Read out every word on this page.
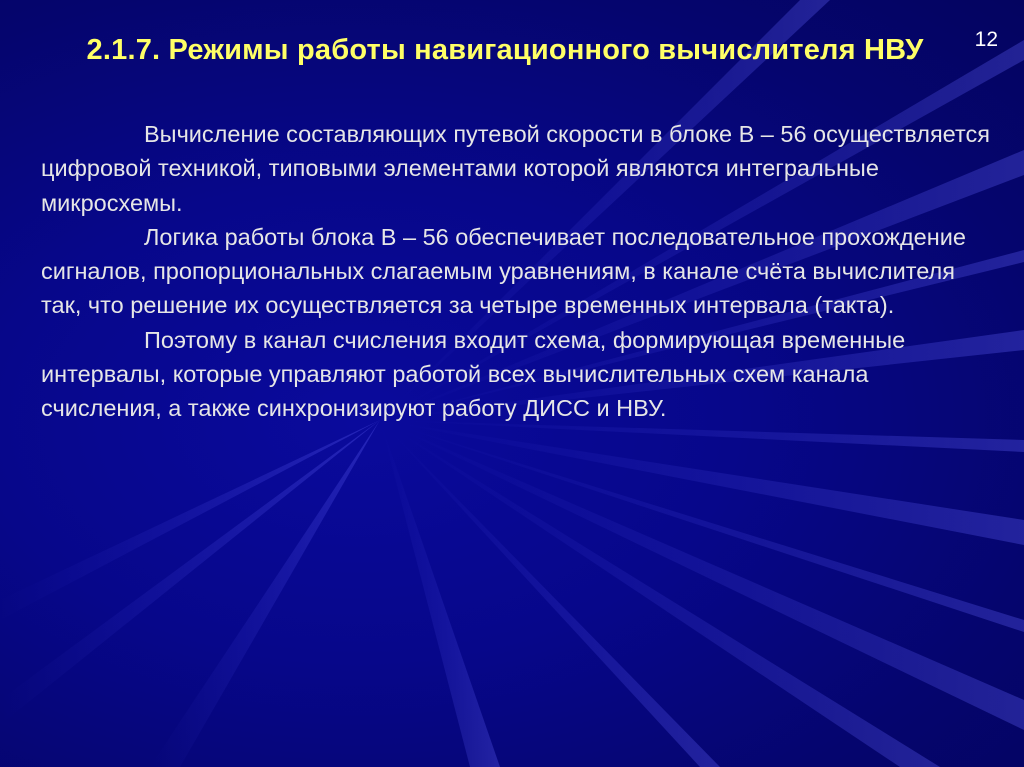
12
2.1.7. Режимы работы навигационного вычислителя НВУ

Вычисление составляющих путевой скорости в блоке В – 56 осуществляется цифровой техникой, типовыми элементами которой являются интегральные микросхемы.

Логика работы блока В – 56 обеспечивает последовательное прохождение сигналов, пропорциональных слагаемым уравнениям, в канале счёта вычислителя так, что решение их осуществляется за четыре временных интервала (такта).

Поэтому в канал счисления входит схема, формирующая временные интервалы, которые управляют работой всех вычислительных схем канала счисления, а также синхронизируют работу ДИСС и НВУ.
